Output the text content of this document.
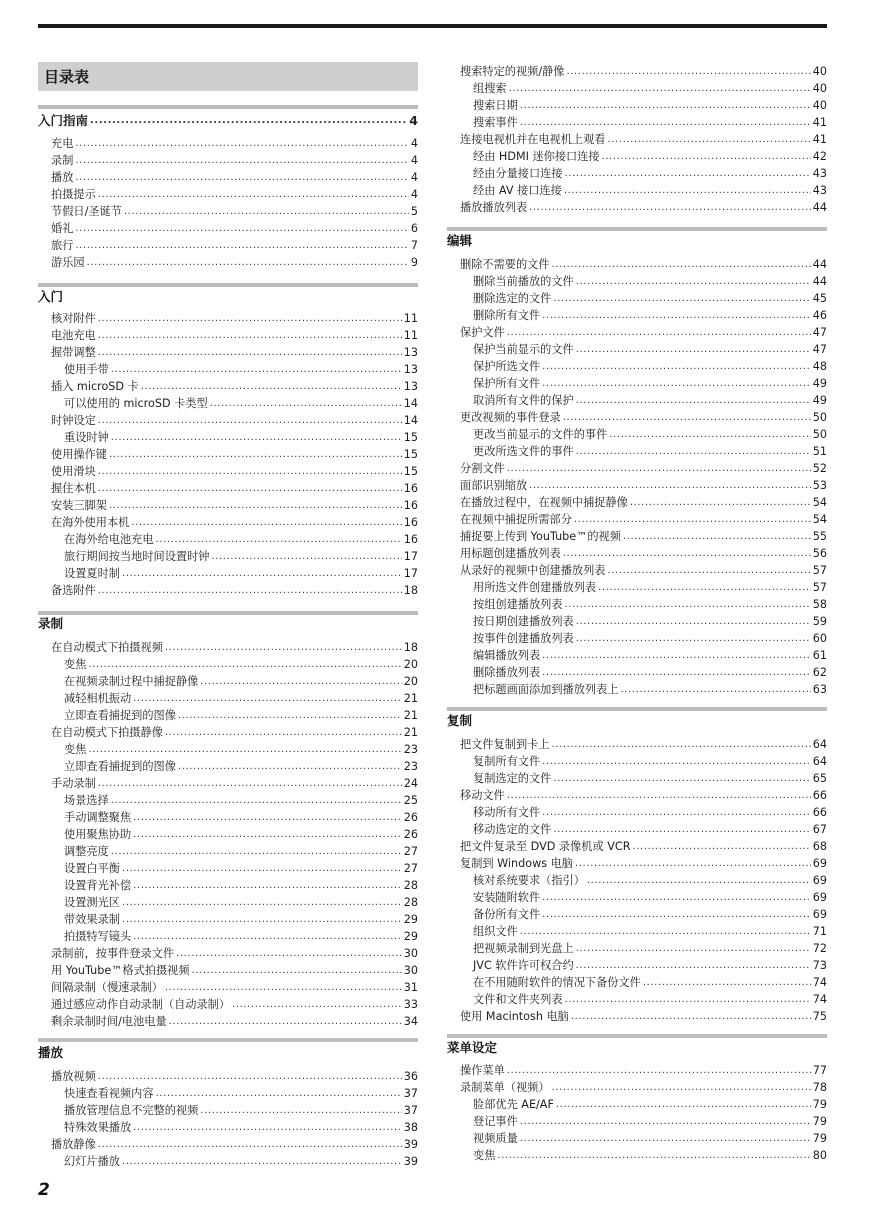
目录表
入门指南 .....	4
充电 .....	4
录制 .....	4
播放 .....	4
拍摄提示 .....	4
节假日/圣诞节 .....	5
婚礼 .....	6
旅行 .....	7
游乐园 .....	9
入门
核对附件 .....	11
电池充电 .....	11
握带调整 .....	13
使用手带 .....	13
插入 microSD 卡 .....	13
可以使用的 microSD 卡类型 .....	14
时钟设定 .....	14
重设时钟 .....	15
使用操作键 .....	15
使用滑块 .....	15
握住本机 .....	16
安装三脚架 .....	16
在海外使用本机 .....	16
在海外给电池充电 .....	16
旅行期间按当地时间设置时钟 .....	17
设置夏时制 .....	17
备选附件 .....	18
录制
在自动模式下拍摄视频 .....	18
变焦 .....	20
在视频录制过程中捕捉静像 .....	20
减轻相机振动 .....	21
立即查看捕捉到的图像 .....	21
在自动模式下拍摄静像 .....	21
变焦 .....	23
立即查看捕捉到的图像 .....	23
手动录制 .....	24
场景选择 .....	25
手动调整聚焦 .....	26
使用聚焦协助 .....	26
调整亮度 .....	27
设置白平衡 .....	27
设置背光补偿 .....	28
设置测光区 .....	28
带效果录制 .....	29
拍摄特写镜头 .....	29
录制前，按事件登录文件 .....	30
用 YouTube™格式拍摄视频 .....	30
间隔录制（慢速录制） .....	31
通过感应动作自动录制（自动录制） .....	33
剩余录制时间/电池电量 .....	34
播放
播放视频 .....	36
快速查看视频内容 .....	37
播放管理信息不完整的视频 .....	37
特殊效果播放 .....	38
播放静像 .....	39
幻灯片播放 .....	39
搜索特定的视频/静像 .....	40
组搜索 .....	40
搜索日期 .....	40
搜索事件 .....	41
连接电视机并在电视机上观看 .....	41
经由 HDMI 迷你接口连接 .....	42
经由分量接口连接 .....	43
经由 AV 接口连接 .....	43
播放播放列表 .....	44
编辑
删除不需要的文件 .....	44
删除当前播放的文件 .....	44
删除选定的文件 .....	45
删除所有文件 .....	46
保护文件 .....	47
保护当前显示的文件 .....	47
保护所选文件 .....	48
保护所有文件 .....	49
取消所有文件的保护 .....	49
更改视频的事件登录 .....	50
更改当前显示的文件的事件 .....	50
更改所选文件的事件 .....	51
分割文件 .....	52
面部识别缩放 .....	53
在播放过程中，在视频中捕捉静像 .....	54
在视频中捕捉所需部分 .....	54
捕捉要上传到 YouTube™的视频 .....	55
用标题创建播放列表 .....	56
从录好的视频中创建播放列表 .....	57
用所选文件创建播放列表 .....	57
按组创建播放列表 .....	58
按日期创建播放列表 .....	59
按事件创建播放列表 .....	60
编辑播放列表 .....	61
删除播放列表 .....	62
把标题画面添加到播放列表上 .....	63
复制
把文件复制到卡上 .....	64
复制所有文件 .....	64
复制选定的文件 .....	65
移动文件 .....	66
移动所有文件 .....	66
移动选定的文件 .....	67
把文件复录至 DVD 录像机或 VCR .....	68
复制到 Windows 电脑 .....	69
核对系统要求（指引） .....	69
安装随附软件 .....	69
备份所有文件 .....	69
组织文件 .....	71
把视频录制到光盘上 .....	72
JVC 软件许可权合约 .....	73
在不用随附软件的情况下备份文件 .....	74
文件和文件夹列表 .....	74
使用 Macintosh 电脑 .....	75
菜单设定
操作菜单 .....	77
录制菜单（视频） .....	78
脸部优先 AE/AF .....	79
登记事件 .....	79
视频质量 .....	79
变焦 .....	80
2
